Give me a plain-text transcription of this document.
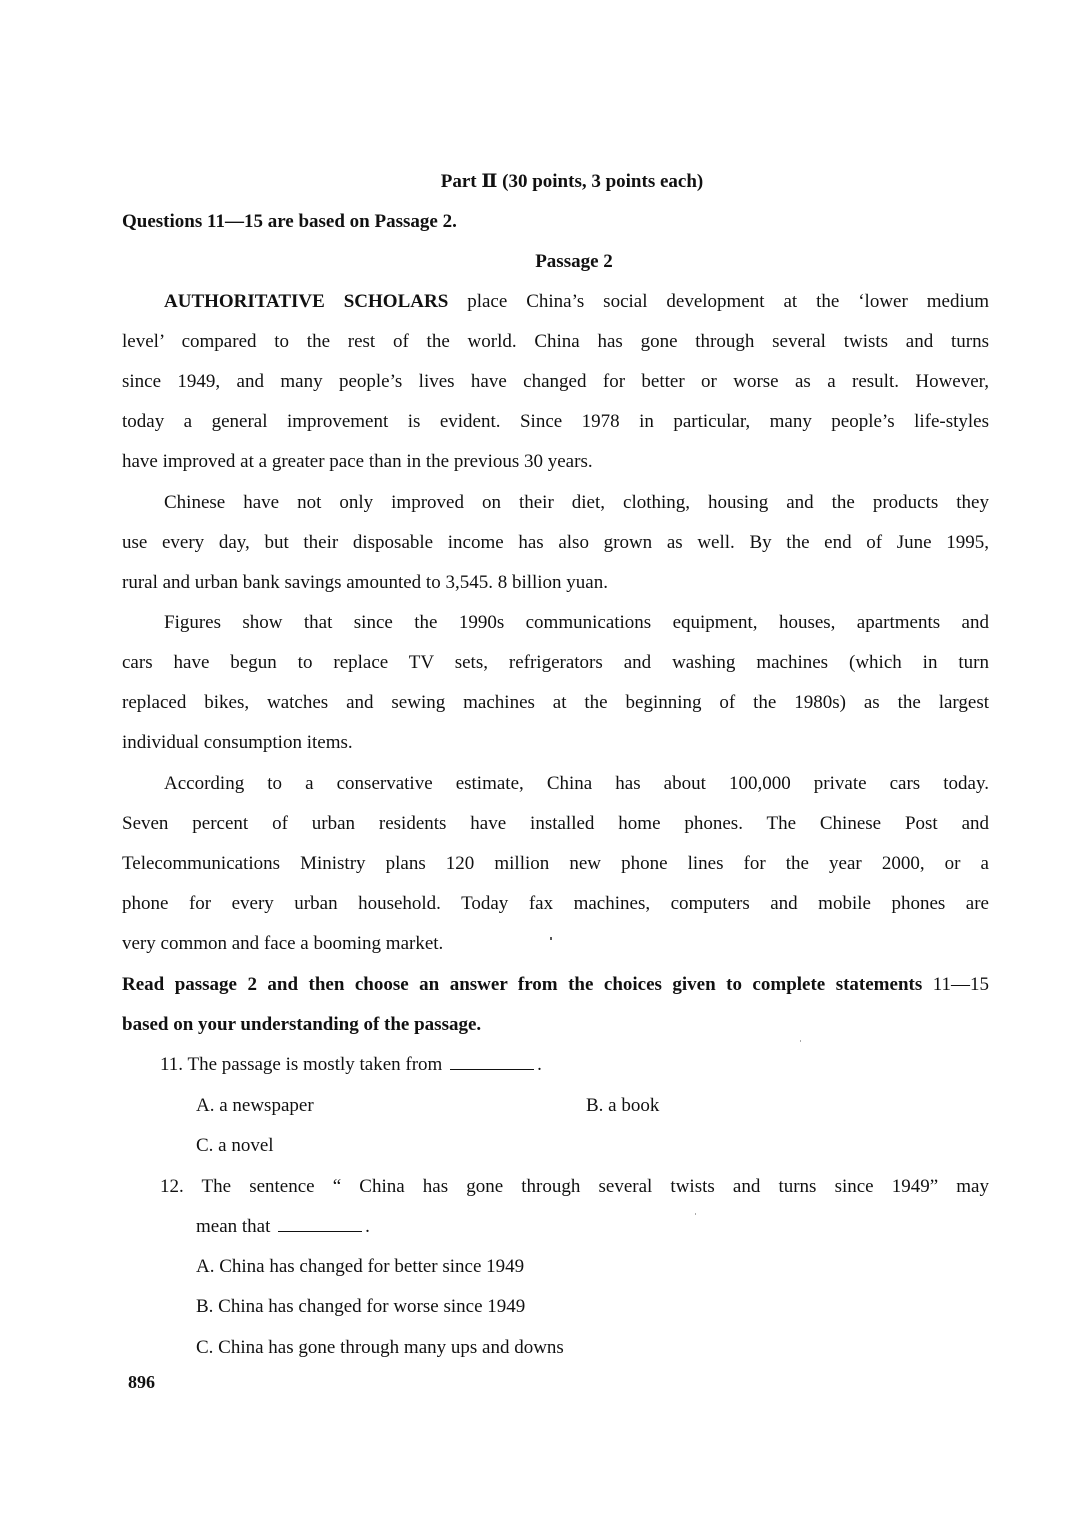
Part Ⅱ (30 points, 3 points each)
Questions 11—15 are based on Passage 2.
Passage 2
AUTHORITATIVE SCHOLARS place China’s social development at the ‘lower medium
level’ compared to the rest of the world. China has gone through several twists and turns
since 1949, and many people’s lives have changed for better or worse as a result. However,
today a general improvement is evident. Since 1978 in particular, many people’s life-styles
have improved at a greater pace than in the previous 30 years.
Chinese have not only improved on their diet, clothing, housing and the products they
use every day, but their disposable income has also grown as well. By the end of June 1995,
rural and urban bank savings amounted to 3,545. 8 billion yuan.
Figures show that since the 1990s communications equipment, houses, apartments and
cars have begun to replace TV sets, refrigerators and washing machines (which in turn
replaced bikes, watches and sewing machines at the beginning of the 1980s) as the largest
individual consumption items.
According to a conservative estimate, China has about 100,000 private cars today.
Seven percent of urban residents have installed home phones. The Chinese Post and
Telecommunications Ministry plans 120 million new phone lines for the year 2000, or a
phone for every urban household. Today fax machines, computers and mobile phones are
very common and face a booming market.
Read passage 2 and then choose an answer from the choices given to complete statements 11—15
based on your understanding of the passage.
11. The passage is mostly taken from	.
A. a newspaper	B. a book
C. a novel
12. The sentence “ China has gone through several twists and turns since 1949” may
mean that	.
A. China has changed for better since 1949
B. China has changed for worse since 1949
C. China has gone through many ups and downs
896
